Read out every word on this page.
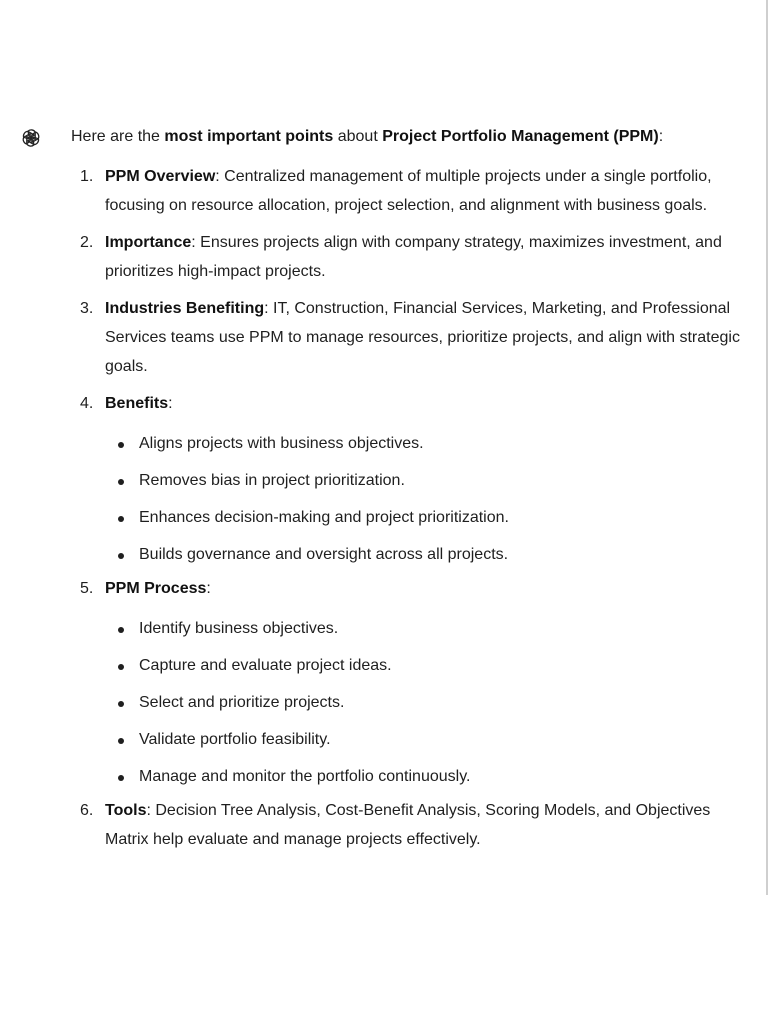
Here are the most important points about Project Portfolio Management (PPM):
1. PPM Overview: Centralized management of multiple projects under a single portfolio, focusing on resource allocation, project selection, and alignment with business goals.
2. Importance: Ensures projects align with company strategy, maximizes investment, and prioritizes high-impact projects.
3. Industries Benefiting: IT, Construction, Financial Services, Marketing, and Professional Services teams use PPM to manage resources, prioritize projects, and align with strategic goals.
4. Benefits:
Aligns projects with business objectives.
Removes bias in project prioritization.
Enhances decision-making and project prioritization.
Builds governance and oversight across all projects.
5. PPM Process:
Identify business objectives.
Capture and evaluate project ideas.
Select and prioritize projects.
Validate portfolio feasibility.
Manage and monitor the portfolio continuously.
6. Tools: Decision Tree Analysis, Cost-Benefit Analysis, Scoring Models, and Objectives Matrix help evaluate and manage projects effectively.
